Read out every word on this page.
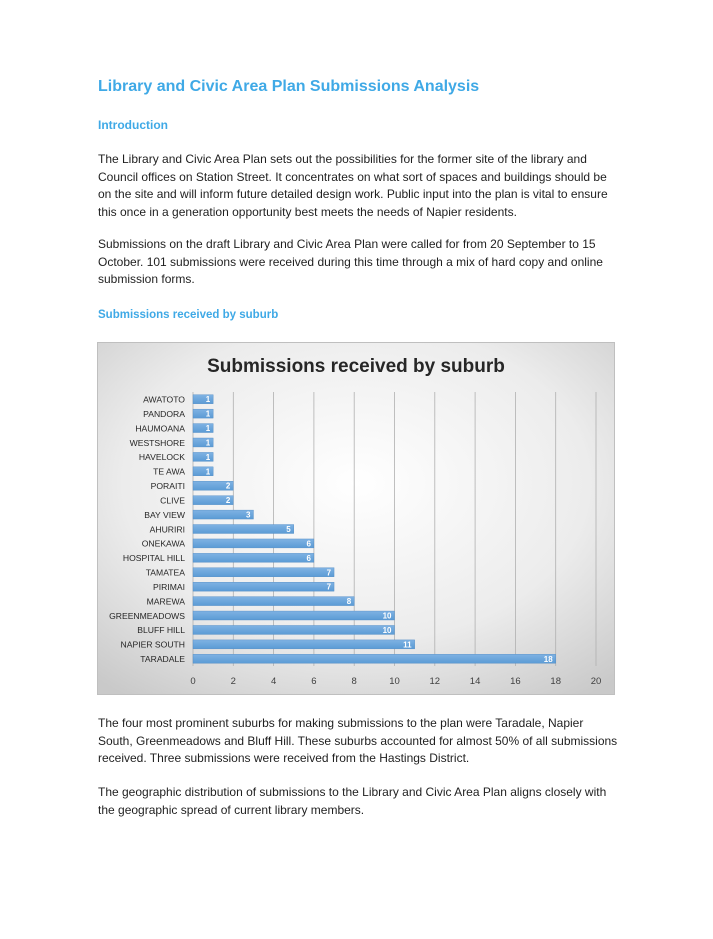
Library and Civic Area Plan Submissions Analysis
Introduction

The Library and Civic Area Plan sets out the possibilities for the former site of the library and Council offices on Station Street. It concentrates on what sort of spaces and buildings should be on the site and will inform future detailed design work. Public input into the plan is vital to ensure this once in a generation opportunity best meets the needs of Napier residents.

Submissions on the draft Library and Civic Area Plan were called for from 20 September to 15 October. 101 submissions were received during this time through a mix of hard copy and online submission forms.

Submissions received by suburb
Submissions received by suburb
AWATOTO	1
PANDORA	1
HAUMOANA	1
WESTSHORE	1
HAVELOCK	1
TE AWA	1
PORAITI	2
CLIVE	2
BAY VIEW	3
AHURIRI	5
ONEKAWA	6
HOSPITAL HILL	6
TAMATEA	7
PIRIMAI	7
MAREWA	8
GREENMEADOWS	10
BLUFF HILL	10
NAPIER SOUTH	11
TARADALE	18
0	2	4	6	8	10	12	14	16	18	20

The four most prominent suburbs for making submissions to the plan were Taradale, Napier South, Greenmeadows and Bluff Hill. These suburbs accounted for almost 50% of all submissions received. Three submissions were received from the Hastings District.

The geographic distribution of submissions to the Library and Civic Area Plan aligns closely with the geographic spread of current library members.
